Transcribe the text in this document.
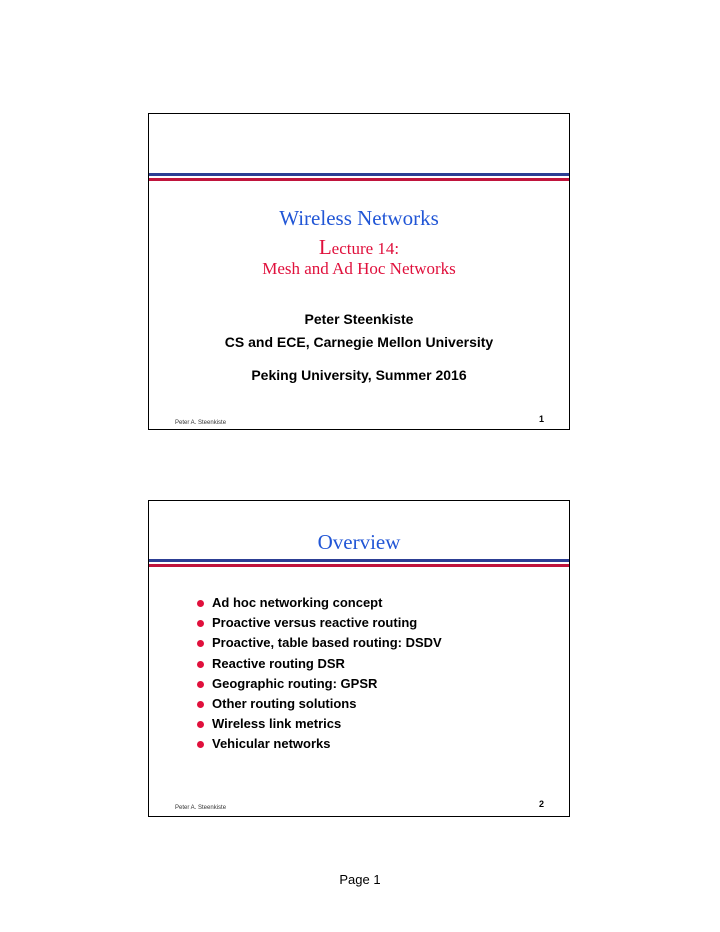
Wireless Networks
Lecture 14:
Mesh and Ad Hoc Networks
Peter Steenkiste
CS and ECE, Carnegie Mellon University
Peking University, Summer 2016
Peter A. Steenkiste	1
Overview
Ad hoc networking concept
Proactive versus reactive routing
Proactive, table based routing: DSDV
Reactive routing DSR
Geographic routing: GPSR
Other routing solutions
Wireless link metrics
Vehicular networks
Peter A. Steenkiste	2
Page 1
